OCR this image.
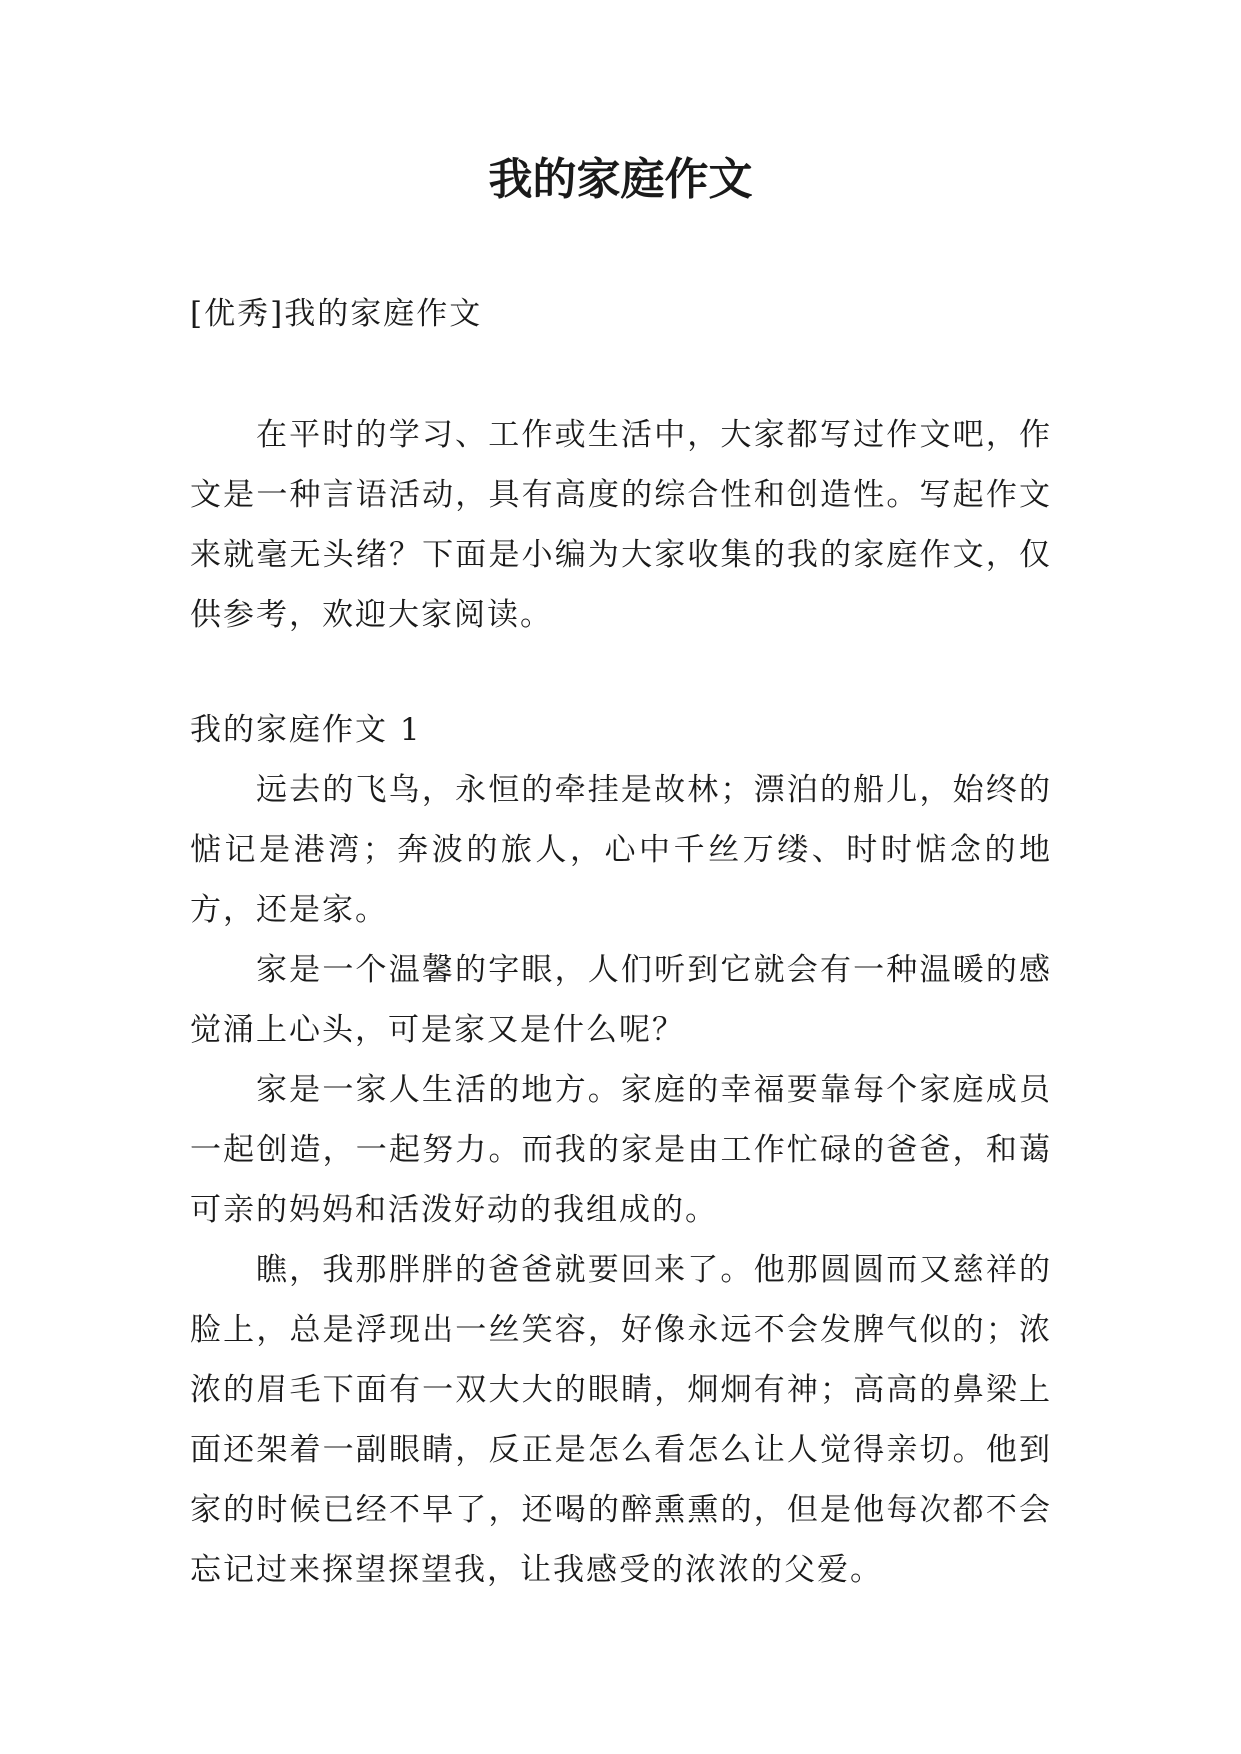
我的家庭作文

[优秀]我的家庭作文

在平时的学习、工作或生活中，大家都写过作文吧，作文是一种言语活动，具有高度的综合性和创造性。写起作文来就毫无头绪？下面是小编为大家收集的我的家庭作文，仅供参考，欢迎大家阅读。

我的家庭作文 1

远去的飞鸟，永恒的牵挂是故林；漂泊的船儿，始终的惦记是港湾；奔波的旅人，心中千丝万缕、时时惦念的地方，还是家。

家是一个温馨的字眼，人们听到它就会有一种温暖的感觉涌上心头，可是家又是什么呢？

家是一家人生活的地方。家庭的幸福要靠每个家庭成员一起创造，一起努力。而我的家是由工作忙碌的爸爸，和蔼可亲的妈妈和活泼好动的我组成的。

瞧，我那胖胖的爸爸就要回来了。他那圆圆而又慈祥的脸上，总是浮现出一丝笑容，好像永远不会发脾气似的；浓浓的眉毛下面有一双大大的眼睛，炯炯有神；高高的鼻梁上面还架着一副眼睛，反正是怎么看怎么让人觉得亲切。他到家的时候已经不早了，还喝的醉熏熏的，但是他每次都不会忘记过来探望探望我，让我感受的浓浓的父爱。
